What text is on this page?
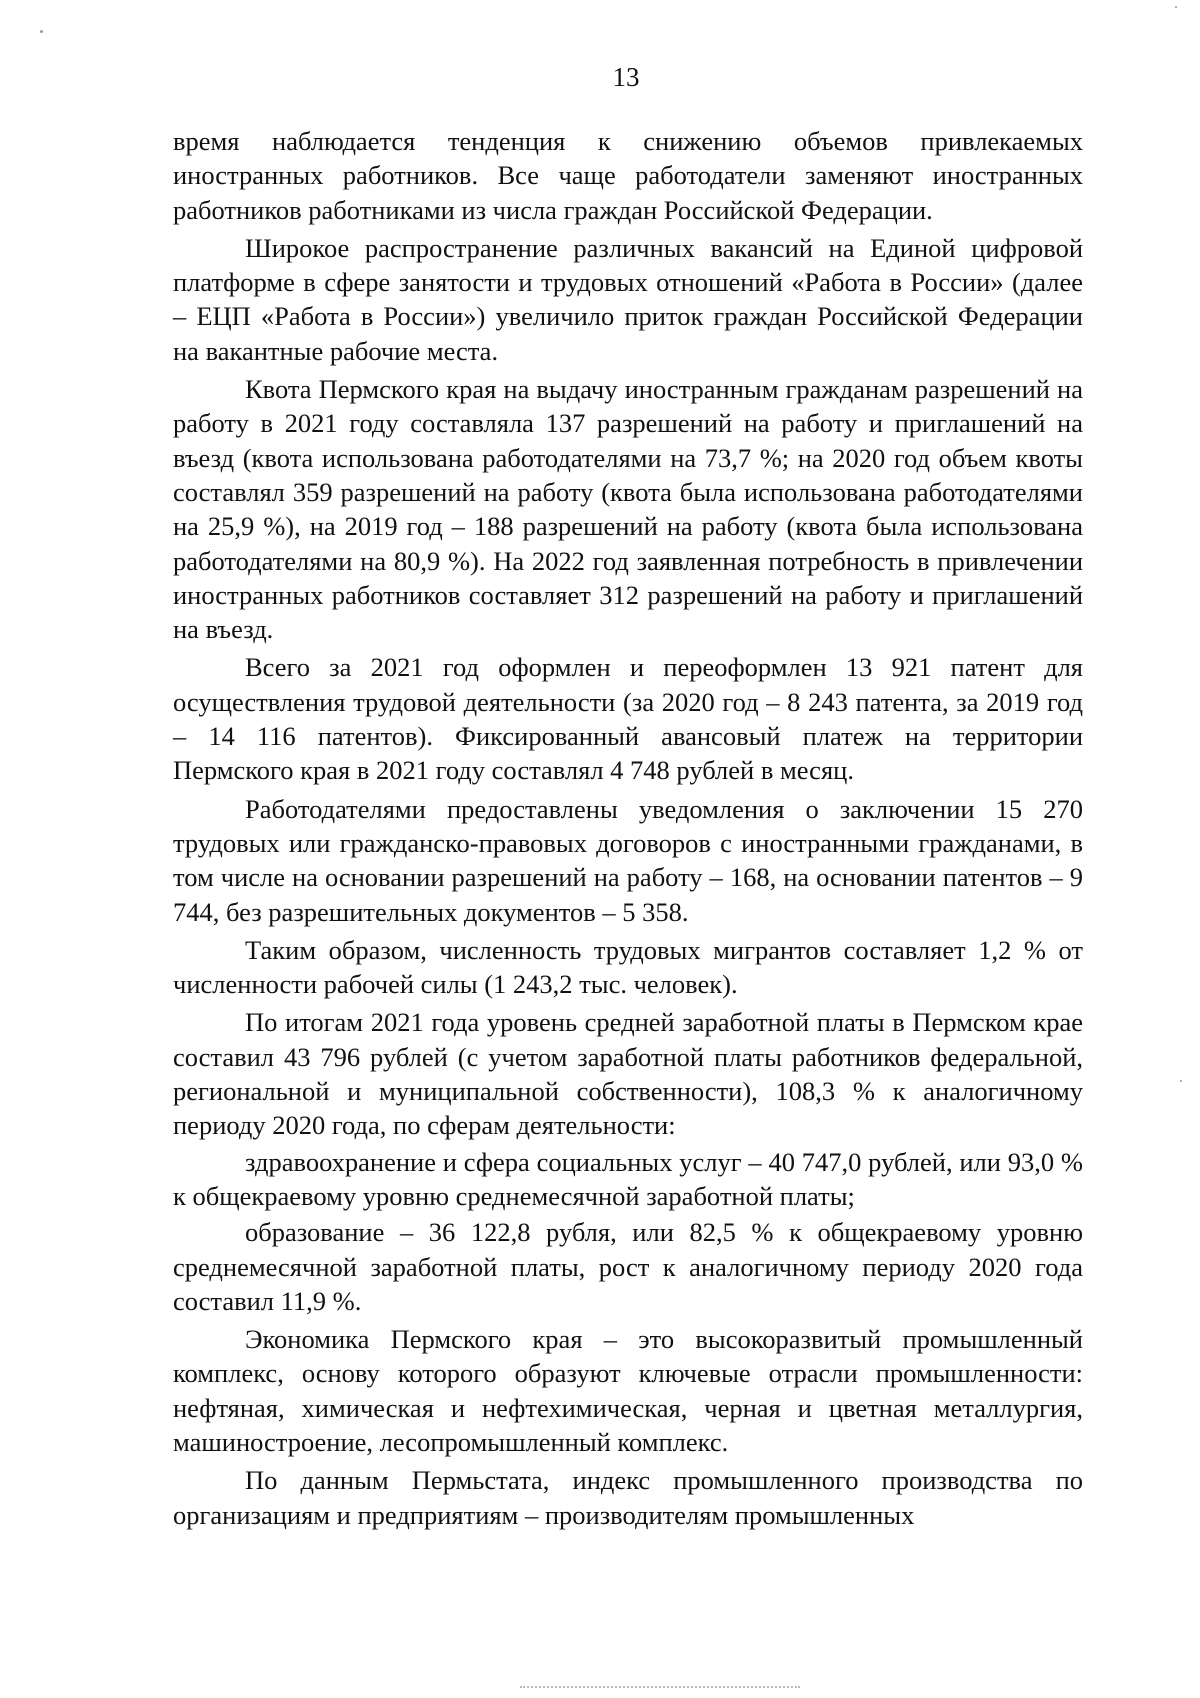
13

время наблюдается тенденция к снижению объемов привлекаемых иностранных работников. Все чаще работодатели заменяют иностранных работников работниками из числа граждан Российской Федерации.

Широкое распространение различных вакансий на Единой цифровой платформе в сфере занятости и трудовых отношений «Работа в России» (далее – ЕЦП «Работа в России») увеличило приток граждан Российской Федерации на вакантные рабочие места.

Квота Пермского края на выдачу иностранным гражданам разрешений на работу в 2021 году составляла 137 разрешений на работу и приглашений на въезд (квота использована работодателями на 73,7 %; на 2020 год объем квоты составлял 359 разрешений на работу (квота была использована работодателями на 25,9 %), на 2019 год – 188 разрешений на работу (квота была использована работодателями на 80,9 %). На 2022 год заявленная потребность в привлечении иностранных работников составляет 312 разрешений на работу и приглашений на въезд.

Всего за 2021 год оформлен и переоформлен 13 921 патент для осуществления трудовой деятельности (за 2020 год – 8 243 патента, за 2019 год – 14 116 патентов). Фиксированный авансовый платеж на территории Пермского края в 2021 году составлял 4 748 рублей в месяц.

Работодателями предоставлены уведомления о заключении 15 270 трудовых или гражданско-правовых договоров с иностранными гражданами, в том числе на основании разрешений на работу – 168, на основании патентов – 9 744, без разрешительных документов – 5 358.

Таким образом, численность трудовых мигрантов составляет 1,2 % от численности рабочей силы (1 243,2 тыс. человек).

По итогам 2021 года уровень средней заработной платы в Пермском крае составил 43 796 рублей (с учетом заработной платы работников федеральной, региональной и муниципальной собственности), 108,3 % к аналогичному периоду 2020 года, по сферам деятельности:

здравоохранение и сфера социальных услуг – 40 747,0 рублей, или 93,0 % к общекраевому уровню среднемесячной заработной платы;

образование – 36 122,8 рубля, или 82,5 % к общекраевому уровню среднемесячной заработной платы, рост к аналогичному периоду 2020 года составил 11,9 %.

Экономика Пермского края – это высокоразвитый промышленный комплекс, основу которого образуют ключевые отрасли промышленности: нефтяная, химическая и нефтехимическая, черная и цветная металлургия, машиностроение, лесопромышленный комплекс.

По данным Пермьстата, индекс промышленного производства по организациям и предприятиям – производителям промышленных
